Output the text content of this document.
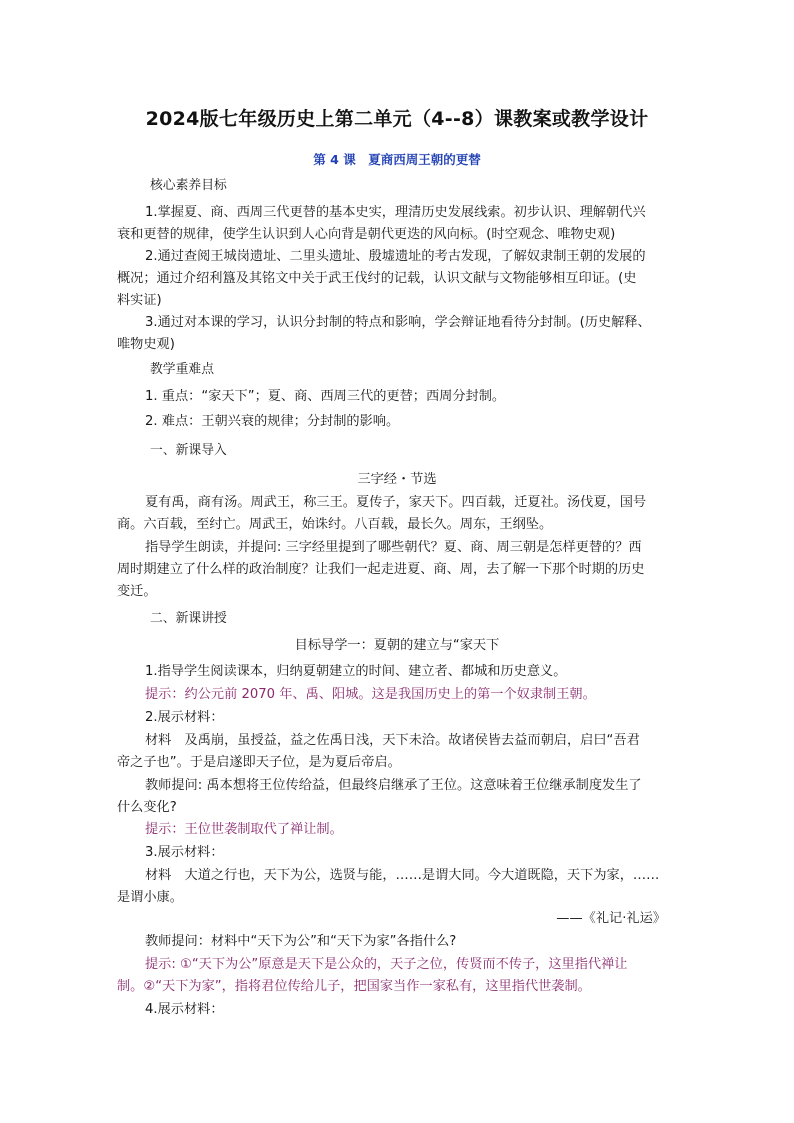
2024版七年级历史上第二单元（4--8）课教案或教学设计
第 4 课　夏商西周王朝的更替
核心素养目标
1.掌握夏、商、西周三代更替的基本史实，理清历史发展线索。初步认识、理解朝代兴
衰和更替的规律，使学生认识到人心向背是朝代更迭的风向标。(时空观念、唯物史观)
2.通过查阅王城岗遗址、二里头遗址、殷墟遗址的考古发现，了解奴隶制王朝的发展的
概况；通过介绍利簋及其铭文中关于武王伐纣的记载，认识文献与文物能够相互印证。(史
料实证)
3.通过对本课的学习，认识分封制的特点和影响，学会辩证地看待分封制。(历史解释、
唯物史观)
教学重难点
1. 重点：“家天下”；夏、商、西周三代的更替；西周分封制。
2. 难点：王朝兴衰的规律；分封制的影响。
一、新课导入
三字经・节选
夏有禹，商有汤。周武王，称三王。夏传子，家天下。四百载，迁夏社。汤伐夏，国号
商。六百载，至纣亡。周武王，始诛纣。八百载，最长久。周东，王纲坠。
指导学生朗读，并提问: 三字经里提到了哪些朝代？夏、商、周三朝是怎样更替的？西
周时期建立了什么样的政治制度？让我们一起走进夏、商、周，去了解一下那个时期的历史
变迁。
二、新课讲授
目标导学一：夏朝的建立与“家天下
1.指导学生阅读课本，归纳夏朝建立的时间、建立者、都城和历史意义。
提示：约公元前 2070 年、禹、阳城。这是我国历史上的第一个奴隶制王朝。
2.展示材料：
材料　及禹崩，虽授益，益之佐禹日浅，天下未洽。故诸侯皆去益而朝启，启曰“吾君
帝之子也”。于是启遂即天子位，是为夏后帝启。
教师提问: 禹本想将王位传给益，但最终启继承了王位。这意味着王位继承制度发生了
什么变化?
提示：王位世袭制取代了禅让制。
3.展示材料：
材料　大道之行也，天下为公，选贤与能，……是谓大同。今大道既隐，天下为家，……
是谓小康。
——《礼记·礼运》
教师提问：材料中“天下为公”和“天下为家”各指什么?
提示: ①“天下为公”原意是天下是公众的，天子之位，传贤而不传子，这里指代禅让
制。②“天下为家”，指将君位传给儿子，把国家当作一家私有，这里指代世袭制。
4.展示材料：
